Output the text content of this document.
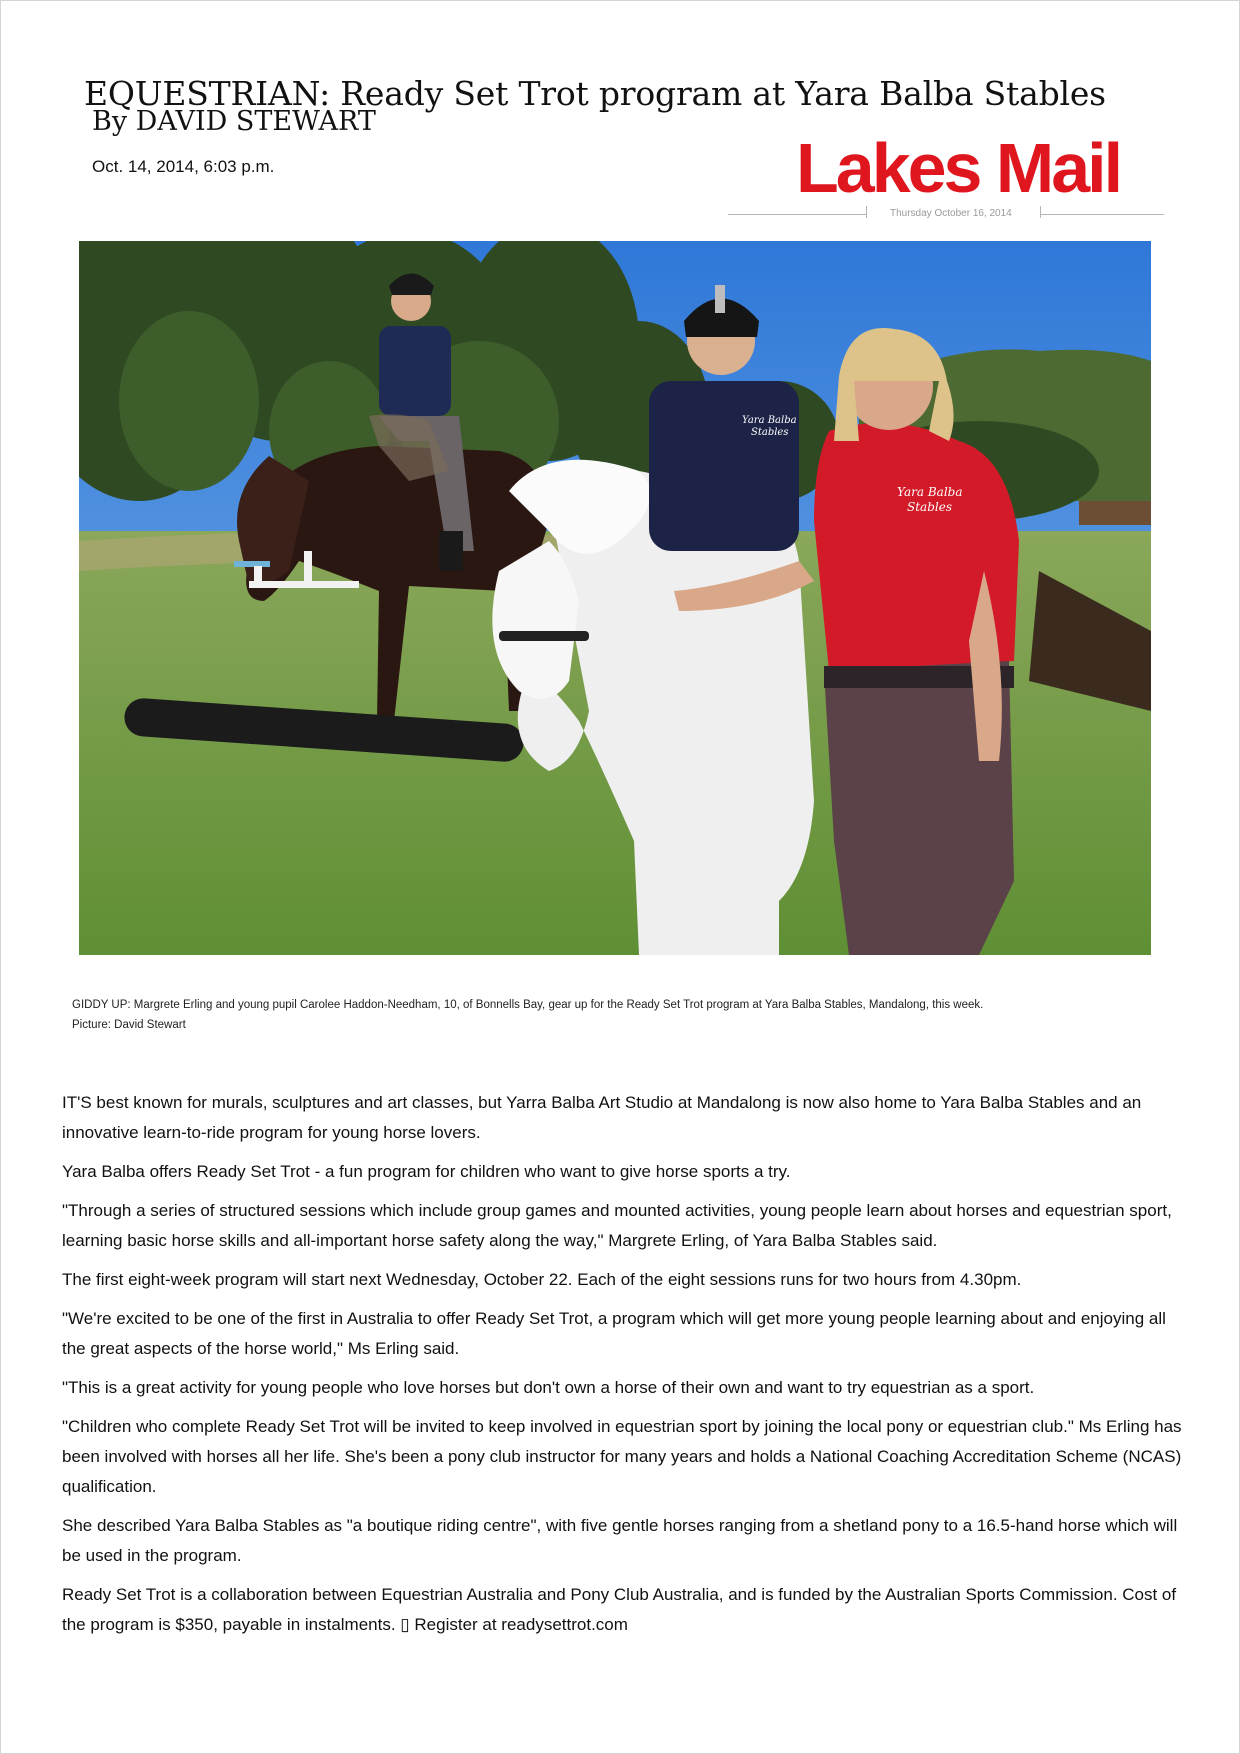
EQUESTRIAN: Ready Set Trot program at Yara Balba Stables
By DAVID STEWART
Oct. 14, 2014, 6:03 p.m.	Lakes Mail
Thursday October 16, 2014
Yara Balba
Stables
Yara Balba
Stables

GIDDY UP: Margrete Erling and young pupil Carolee Haddon-Needham, 10, of Bonnells Bay, gear up for the Ready Set Trot program at Yara Balba Stables, Mandalong, this week.

Picture: David Stewart

IT'S best known for murals, sculptures and art classes, but Yarra Balba Art Studio at Mandalong is now also home to Yara Balba Stables and an innovative learn-to-ride program for young horse lovers.

Yara Balba offers Ready Set Trot - a fun program for children who want to give horse sports a try.

"Through a series of structured sessions which include group games and mounted activities, young people learn about horses and equestrian sport, learning basic horse skills and all-important horse safety along the way," Margrete Erling, of Yara Balba Stables said.

The first eight-week program will start next Wednesday, October 22. Each of the eight sessions runs for two hours from 4.30pm.

"We're excited to be one of the first in Australia to offer Ready Set Trot, a program which will get more young people learning about and enjoying all the great aspects of the horse world," Ms Erling said.

"This is a great activity for young people who love horses but don't own a horse of their own and want to try equestrian as a sport.

"Children who complete Ready Set Trot will be invited to keep involved in equestrian sport by joining the local pony or equestrian club." Ms Erling has been involved with horses all her life. She's been a pony club instructor for many years and holds a National Coaching Accreditation Scheme (NCAS) qualification.

She described Yara Balba Stables as "a boutique riding centre", with five gentle horses ranging from a shetland pony to a 16.5-hand horse which will be used in the program.

Ready Set Trot is a collaboration between Equestrian Australia and Pony Club Australia, and is funded by the Australian Sports Commission. Cost of the program is $350, payable in instalments. ▯ Register at readysettrot.com
